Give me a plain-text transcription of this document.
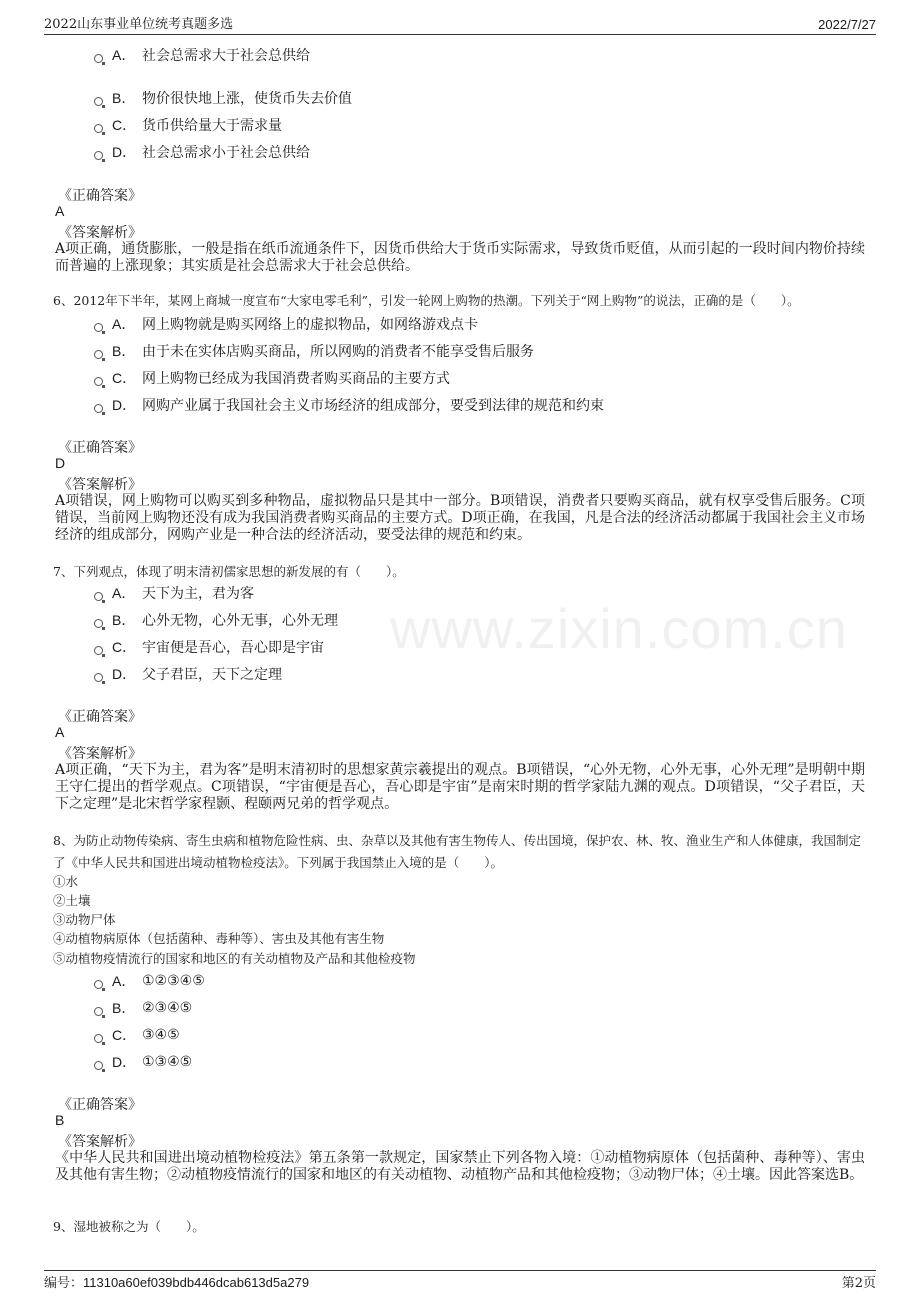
2022山东事业单位统考真题多选	2022/7/27
www.zixin.com.cn
A． 社会总需求大于社会总供给
B． 物价很快地上涨，使货币失去价值
C． 货币供给量大于需求量
D． 社会总需求小于社会总供给
《正确答案》
A
《答案解析》
A项正确，通货膨胀，一般是指在纸币流通条件下，因货币供给大于货币实际需求，导致货币贬值，从而引起的一段时间内物价持续而普遍的上涨现象；其实质是社会总需求大于社会总供给。
6、2012年下半年，某网上商城一度宣布“大家电零毛利”，引发一轮网上购物的热潮。下列关于“网上购物”的说法，正确的是（　　）。
A． 网上购物就是购买网络上的虚拟物品，如网络游戏点卡
B． 由于未在实体店购买商品，所以网购的消费者不能享受售后服务
C． 网上购物已经成为我国消费者购买商品的主要方式
D． 网购产业属于我国社会主义市场经济的组成部分，要受到法律的规范和约束
《正确答案》
D
《答案解析》
A项错误，网上购物可以购买到多种物品，虚拟物品只是其中一部分。B项错误，消费者只要购买商品，就有权享受售后服务。C项错误，当前网上购物还没有成为我国消费者购买商品的主要方式。D项正确，在我国，凡是合法的经济活动都属于我国社会主义市场经济的组成部分，网购产业是一种合法的经济活动，要受法律的规范和约束。
7、下列观点，体现了明末清初儒家思想的新发展的有（　　）。
A． 天下为主，君为客
B． 心外无物，心外无事，心外无理
C． 宇宙便是吾心，吾心即是宇宙
D． 父子君臣，天下之定理
《正确答案》
A
《答案解析》
A项正确，“天下为主，君为客”是明末清初时的思想家黄宗羲提出的观点。B项错误，“心外无物，心外无事，心外无理”是明朝中期王守仁提出的哲学观点。C项错误，“宇宙便是吾心，吾心即是宇宙”是南宋时期的哲学家陆九渊的观点。D项错误，“父子君臣，天下之定理”是北宋哲学家程颢、程颐两兄弟的哲学观点。
8、为防止动物传染病、寄生虫病和植物危险性病、虫、杂草以及其他有害生物传人、传出国境，保护农、林、牧、渔业生产和人体健康，我国制定了《中华人民共和国进出境动植物检疫法》。下列属于我国禁止入境的是（　　）。
①水
②土壤
③动物尸体
④动植物病原体（包括菌种、毒种等）、害虫及其他有害生物
⑤动植物疫情流行的国家和地区的有关动植物及产品和其他检疫物
A． ①②③④⑤
B． ②③④⑤
C． ③④⑤
D． ①③④⑤
《正确答案》
B
《答案解析》
《中华人民共和国进出境动植物检疫法》第五条第一款规定，国家禁止下列各物入境：①动植物病原体（包括菌种、毒种等）、害虫及其他有害生物；②动植物疫情流行的国家和地区的有关动植物、动植物产品和其他检疫物；③动物尸体；④土壤。因此答案选B。
9、湿地被称之为（　　）。
编号：11310a60ef039bdb446dcab613d5a279	第2页
